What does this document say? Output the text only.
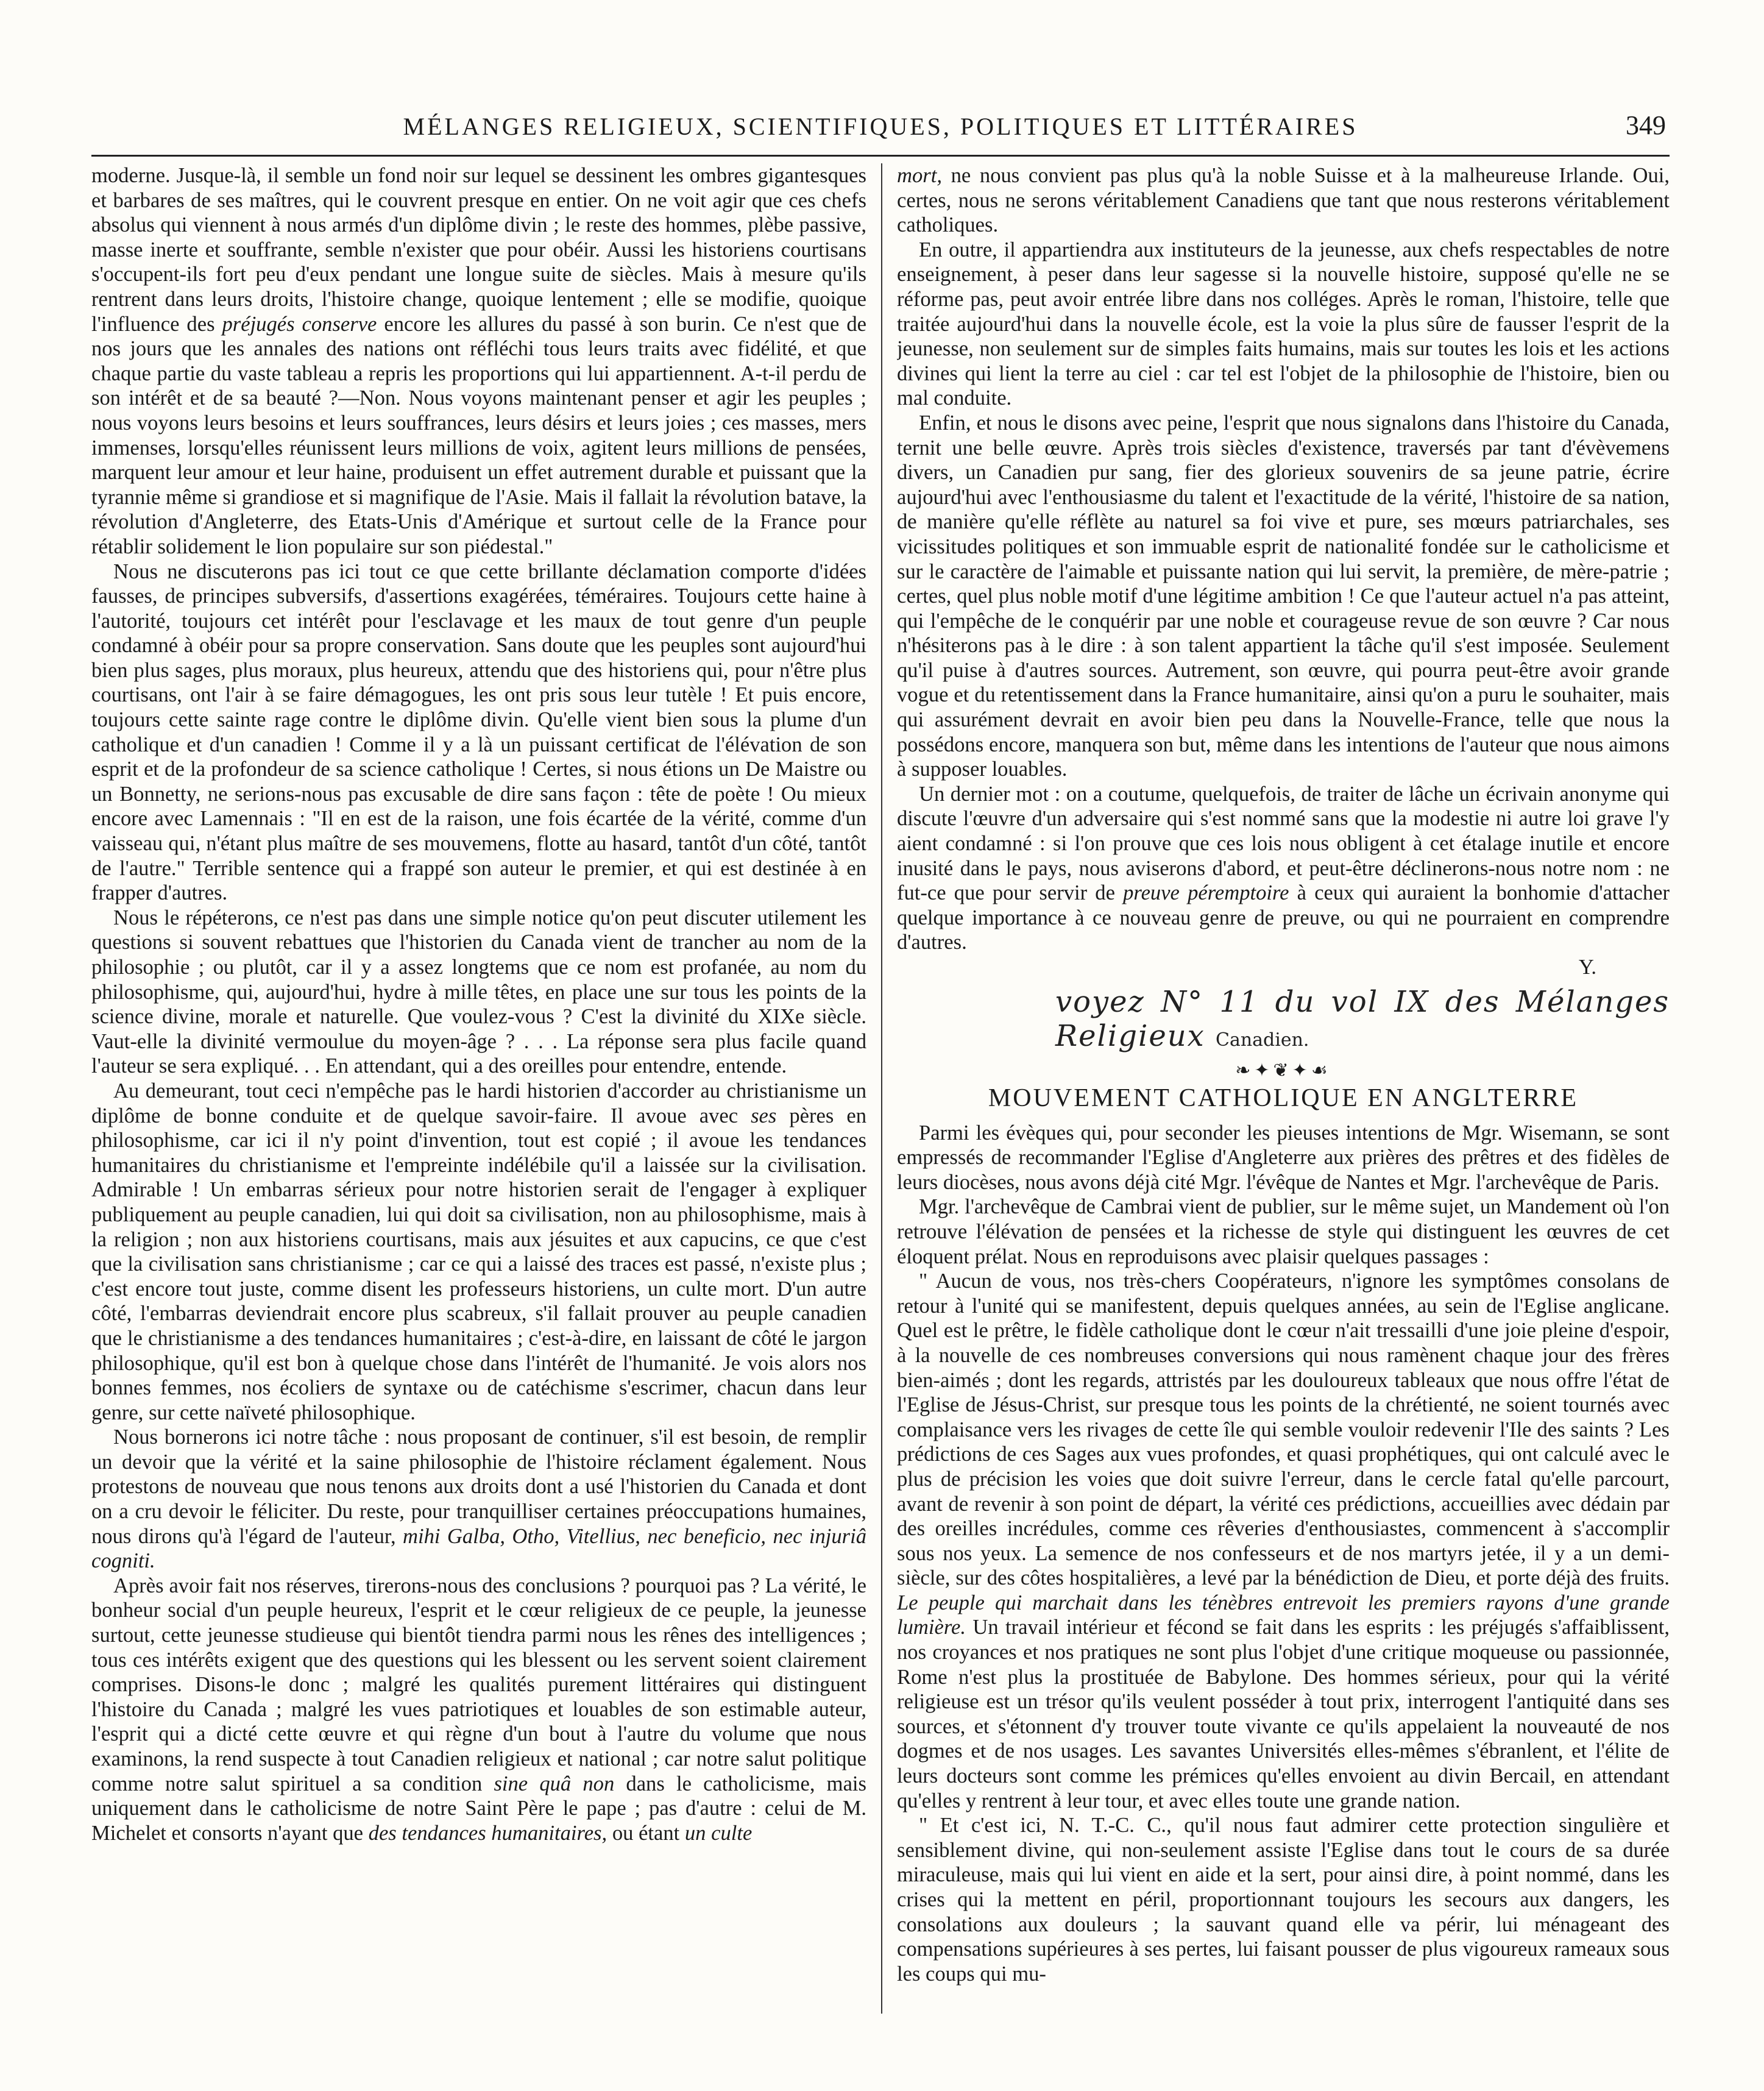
MÉLANGES RELIGIEUX, SCIENTIFIQUES, POLITIQUES ET LITTÉRAIRES	349

moderne. Jusque-là, il semble un fond noir sur lequel se dessinent les ombres gigantesques et barbares de ses maîtres, qui le couvrent presque en entier. On ne voit agir que ces chefs absolus qui viennent à nous armés d'un diplôme divin ; le reste des hommes, plèbe passive, masse inerte et souffrante, semble n'exister que pour obéir. Aussi les historiens courtisans s'occupent-ils fort peu d'eux pendant une longue suite de siècles. Mais à mesure qu'ils rentrent dans leurs droits, l'histoire change, quoique lentement ; elle se modifie, quoique l'influence des préjugés conserve encore les allures du passé à son burin. Ce n'est que de nos jours que les annales des nations ont réfléchi tous leurs traits avec fidélité, et que chaque partie du vaste tableau a repris les proportions qui lui appartiennent. A-t-il perdu de son intérêt et de sa beauté ?—Non. Nous voyons maintenant penser et agir les peuples ; nous voyons leurs besoins et leurs souffrances, leurs désirs et leurs joies ; ces masses, mers immenses, lorsqu'elles réunissent leurs millions de voix, agitent leurs millions de pensées, marquent leur amour et leur haine, produisent un effet autrement durable et puissant que la tyrannie même si grandiose et si magnifique de l'Asie. Mais il fallait la révolution batave, la révolution d'Angleterre, des Etats-Unis d'Amérique et surtout celle de la France pour rétablir solidement le lion populaire sur son piédestal."

Nous ne discuterons pas ici tout ce que cette brillante déclamation comporte d'idées fausses, de principes subversifs, d'assertions exagérées, téméraires. Toujours cette haine à l'autorité, toujours cet intérêt pour l'esclavage et les maux de tout genre d'un peuple condamné à obéir pour sa propre conservation. Sans doute que les peuples sont aujourd'hui bien plus sages, plus moraux, plus heureux, attendu que des historiens qui, pour n'être plus courtisans, ont l'air à se faire démagogues, les ont pris sous leur tutèle ! Et puis encore, toujours cette sainte rage contre le diplôme divin. Qu'elle vient bien sous la plume d'un catholique et d'un canadien ! Comme il y a là un puissant certificat de l'élévation de son esprit et de la profondeur de sa science catholique ! Certes, si nous étions un De Maistre ou un Bonnetty, ne serions-nous pas excusable de dire sans façon : tête de poète ! Ou mieux encore avec Lamennais : "Il en est de la raison, une fois écartée de la vérité, comme d'un vaisseau qui, n'étant plus maître de ses mouvemens, flotte au hasard, tantôt d'un côté, tantôt de l'autre." Terrible sentence qui a frappé son auteur le premier, et qui est destinée à en frapper d'autres.

Nous le répéterons, ce n'est pas dans une simple notice qu'on peut discuter utilement les questions si souvent rebattues que l'historien du Canada vient de trancher au nom de la philosophie ; ou plutôt, car il y a assez longtems que ce nom est profanée, au nom du philosophisme, qui, aujourd'hui, hydre à mille têtes, en place une sur tous les points de la science divine, morale et naturelle. Que voulez-vous ? C'est la divinité du XIXe siècle. Vaut-elle la divinité vermoulue du moyen-âge ? . . . La réponse sera plus facile quand l'auteur se sera expliqué. . . En attendant, qui a des oreilles pour entendre, entende.

Au demeurant, tout ceci n'empêche pas le hardi historien d'accorder au christianisme un diplôme de bonne conduite et de quelque savoir-faire. Il avoue avec ses pères en philosophisme, car ici il n'y point d'invention, tout est copié ; il avoue les tendances humanitaires du christianisme et l'empreinte indélébile qu'il a laissée sur la civilisation. Admirable ! Un embarras sérieux pour notre historien serait de l'engager à expliquer publiquement au peuple canadien, lui qui doit sa civilisation, non au philosophisme, mais à la religion ; non aux historiens courtisans, mais aux jésuites et aux capucins, ce que c'est que la civilisation sans christianisme ; car ce qui a laissé des traces est passé, n'existe plus ; c'est encore tout juste, comme disent les professeurs historiens, un culte mort. D'un autre côté, l'embarras deviendrait encore plus scabreux, s'il fallait prouver au peuple canadien que le christianisme a des tendances humanitaires ; c'est-à-dire, en laissant de côté le jargon philosophique, qu'il est bon à quelque chose dans l'intérêt de l'humanité. Je vois alors nos bonnes femmes, nos écoliers de syntaxe ou de catéchisme s'escrimer, chacun dans leur genre, sur cette naïveté philosophique.

Nous bornerons ici notre tâche : nous proposant de continuer, s'il est besoin, de remplir un devoir que la vérité et la saine philosophie de l'histoire réclament également. Nous protestons de nouveau que nous tenons aux droits dont a usé l'historien du Canada et dont on a cru devoir le féliciter. Du reste, pour tranquilliser certaines préoccupations humaines, nous dirons qu'à l'égard de l'auteur, mihi Galba, Otho, Vitellius, nec beneficio, nec injuriâ cogniti.

Après avoir fait nos réserves, tirerons-nous des conclusions ? pourquoi pas ? La vérité, le bonheur social d'un peuple heureux, l'esprit et le cœur religieux de ce peuple, la jeunesse surtout, cette jeunesse studieuse qui bientôt tiendra parmi nous les rênes des intelligences ; tous ces intérêts exigent que des questions qui les blessent ou les servent soient clairement comprises. Disons-le donc ; malgré les qualités purement littéraires qui distinguent l'histoire du Canada ; malgré les vues patriotiques et louables de son estimable auteur, l'esprit qui a dicté cette œuvre et qui règne d'un bout à l'autre du volume que nous examinons, la rend suspecte à tout Canadien religieux et national ; car notre salut politique comme notre salut spirituel a sa condition sine quâ non dans le catholicisme, mais uniquement dans le catholicisme de notre Saint Père le pape ; pas d'autre : celui de M. Michelet et consorts n'ayant que des tendances humanitaires, ou étant un culte

mort, ne nous convient pas plus qu'à la noble Suisse et à la malheureuse Irlande. Oui, certes, nous ne serons véritablement Canadiens que tant que nous resterons véritablement catholiques.

En outre, il appartiendra aux instituteurs de la jeunesse, aux chefs respectables de notre enseignement, à peser dans leur sagesse si la nouvelle histoire, supposé qu'elle ne se réforme pas, peut avoir entrée libre dans nos colléges. Après le roman, l'histoire, telle que traitée aujourd'hui dans la nouvelle école, est la voie la plus sûre de fausser l'esprit de la jeunesse, non seulement sur de simples faits humains, mais sur toutes les lois et les actions divines qui lient la terre au ciel : car tel est l'objet de la philosophie de l'histoire, bien ou mal conduite.

Enfin, et nous le disons avec peine, l'esprit que nous signalons dans l'histoire du Canada, ternit une belle œuvre. Après trois siècles d'existence, traversés par tant d'évèvemens divers, un Canadien pur sang, fier des glorieux souvenirs de sa jeune patrie, écrire aujourd'hui avec l'enthousiasme du talent et l'exactitude de la vérité, l'histoire de sa nation, de manière qu'elle réflète au naturel sa foi vive et pure, ses mœurs patriarchales, ses vicissitudes politiques et son immuable esprit de nationalité fondée sur le catholicisme et sur le caractère de l'aimable et puissante nation qui lui servit, la première, de mère-patrie ; certes, quel plus noble motif d'une légitime ambition ! Ce que l'auteur actuel n'a pas atteint, qui l'empêche de le conquérir par une noble et courageuse revue de son œuvre ? Car nous n'hésiterons pas à le dire : à son talent appartient la tâche qu'il s'est imposée. Seulement qu'il puise à d'autres sources. Autrement, son œuvre, qui pourra peut-être avoir grande vogue et du retentissement dans la France humanitaire, ainsi qu'on a puru le souhaiter, mais qui assurément devrait en avoir bien peu dans la Nouvelle-France, telle que nous la possédons encore, manquera son but, même dans les intentions de l'auteur que nous aimons à supposer louables.

Un dernier mot : on a coutume, quelquefois, de traiter de lâche un écrivain anonyme qui discute l'œuvre d'un adversaire qui s'est nommé sans que la modestie ni autre loi grave l'y aient condamné : si l'on prouve que ces lois nous obligent à cet étalage inutile et encore inusité dans le pays, nous aviserons d'abord, et peut-être déclinerons-nous notre nom : ne fut-ce que pour servir de preuve péremptoire à ceux qui auraient la bonhomie d'attacher quelque importance à ce nouveau genre de preuve, ou qui ne pourraient en comprendre d'autres.

Y.

voyez N° 11 du vol IX des Mélanges Religieux Canadien.
❧✦❦✦☙
MOUVEMENT CATHOLIQUE EN ANGLTERRE

Parmi les évèques qui, pour seconder les pieuses intentions de Mgr. Wisemann, se sont empressés de recommander l'Eglise d'Angleterre aux prières des prêtres et des fidèles de leurs diocèses, nous avons déjà cité Mgr. l'évêque de Nantes et Mgr. l'archevêque de Paris.

Mgr. l'archevêque de Cambrai vient de publier, sur le même sujet, un Mandement où l'on retrouve l'élévation de pensées et la richesse de style qui distinguent les œuvres de cet éloquent prélat. Nous en reproduisons avec plaisir quelques passages :

" Aucun de vous, nos très-chers Coopérateurs, n'ignore les symptômes consolans de retour à l'unité qui se manifestent, depuis quelques années, au sein de l'Eglise anglicane. Quel est le prêtre, le fidèle catholique dont le cœur n'ait tressailli d'une joie pleine d'espoir, à la nouvelle de ces nombreuses conversions qui nous ramènent chaque jour des frères bien-aimés ; dont les regards, attristés par les douloureux tableaux que nous offre l'état de l'Eglise de Jésus-Christ, sur presque tous les points de la chrétienté, ne soient tournés avec complaisance vers les rivages de cette île qui semble vouloir redevenir l'Ile des saints ? Les prédictions de ces Sages aux vues profondes, et quasi prophétiques, qui ont calculé avec le plus de précision les voies que doit suivre l'erreur, dans le cercle fatal qu'elle parcourt, avant de revenir à son point de départ, la vérité ces prédictions, accueillies avec dédain par des oreilles incrédules, comme ces rêveries d'enthousiastes, commencent à s'accomplir sous nos yeux. La semence de nos confesseurs et de nos martyrs jetée, il y a un demi-siècle, sur des côtes hospitalières, a levé par la bénédiction de Dieu, et porte déjà des fruits. Le peuple qui marchait dans les ténèbres entrevoit les premiers rayons d'une grande lumière. Un travail intérieur et fécond se fait dans les esprits : les préjugés s'affaiblissent, nos croyances et nos pratiques ne sont plus l'objet d'une critique moqueuse ou passionnée, Rome n'est plus la prostituée de Babylone. Des hommes sérieux, pour qui la vérité religieuse est un trésor qu'ils veulent posséder à tout prix, interrogent l'antiquité dans ses sources, et s'étonnent d'y trouver toute vivante ce qu'ils appelaient la nouveauté de nos dogmes et de nos usages. Les savantes Universités elles-mêmes s'ébranlent, et l'élite de leurs docteurs sont comme les prémices qu'elles envoient au divin Bercail, en attendant qu'elles y rentrent à leur tour, et avec elles toute une grande nation.

" Et c'est ici, N. T.-C. C., qu'il nous faut admirer cette protection singulière et sensiblement divine, qui non-seulement assiste l'Eglise dans tout le cours de sa durée miraculeuse, mais qui lui vient en aide et la sert, pour ainsi dire, à point nommé, dans les crises qui la mettent en péril, proportionnant toujours les secours aux dangers, les consolations aux douleurs ; la sauvant quand elle va périr, lui ménageant des compensations supérieures à ses pertes, lui faisant pousser de plus vigoureux rameaux sous les coups qui mu-
